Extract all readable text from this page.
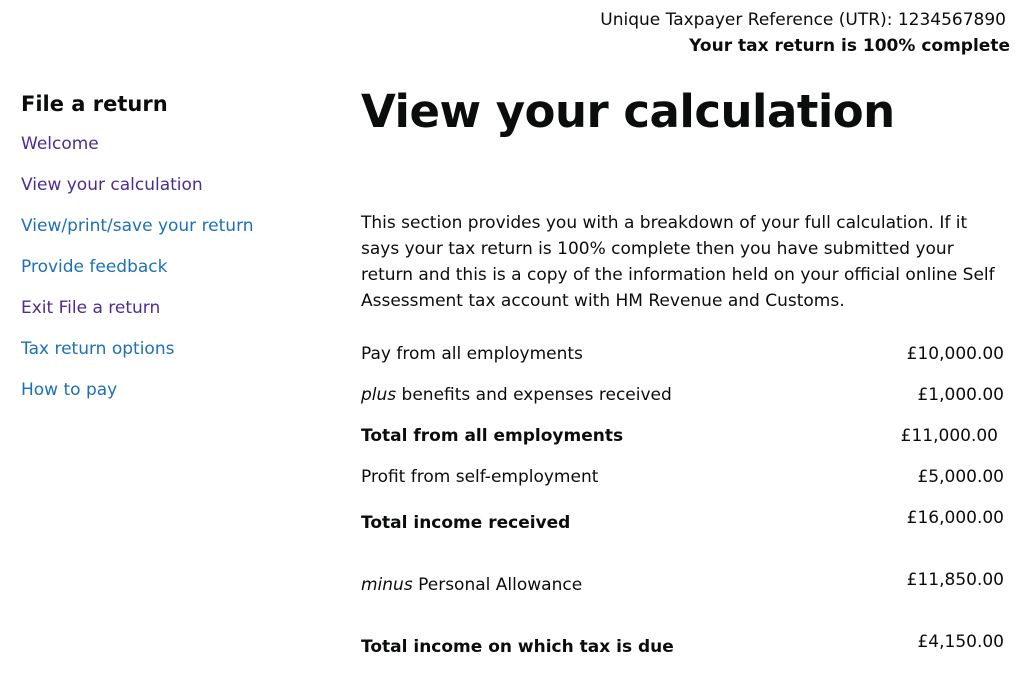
Unique Taxpayer Reference (UTR): 1234567890
Your tax return is 100% complete
File a return
Welcome
View your calculation
View/print/save your return
Provide feedback
Exit File a return
Tax return options
How to pay
View your calculation

This section provides you with a breakdown of your full calculation. If it says your tax return is 100% complete then you have submitted your return and this is a copy of the information held on your official online Self Assessment tax account with HM Revenue and Customs.

Pay from all employments	£10,000.00
plus benefits and expenses received	£1,000.00
Total from all employments	£11,000.00
Profit from self-employment	£5,000.00
Total income received	£16,000.00
minus Personal Allowance	£11,850.00
Total income on which tax is due	£4,150.00
